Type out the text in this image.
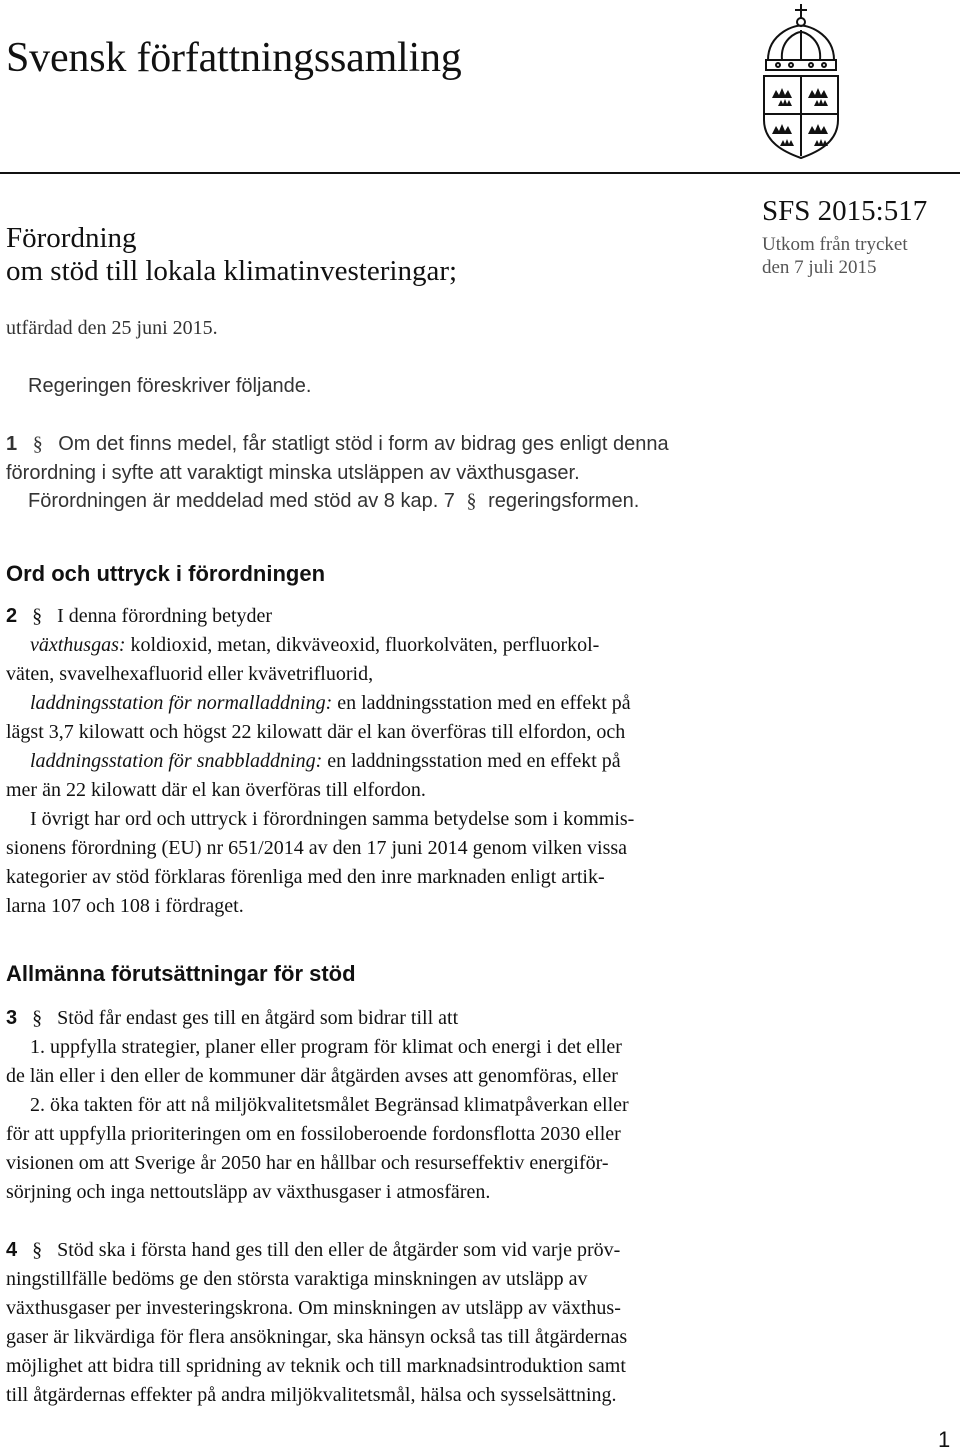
Svensk författningssamling
Förordning
om stöd till lokala klimatinvesteringar;
SFS 2015:517
Utkom från trycket
den 7 juli 2015
utfärdad den 25 juni 2015.
Regeringen föreskriver följande.
1 § Om det finns medel, får statligt stöd i form av bidrag ges enligt denna
förordning i syfte att varaktigt minska utsläppen av växthusgaser.
Förordningen är meddelad med stöd av 8 kap. 7 § regeringsformen.
Ord och uttryck i förordningen
2 § I denna förordning betyder
växthusgas: koldioxid, metan, dikväveoxid, fluorkolväten, perfluorkol-
väten, svavelhexafluorid eller kvävetrifluorid,
laddningsstation för normalladdning: en laddningsstation med en effekt på
lägst 3,7 kilowatt och högst 22 kilowatt där el kan överföras till elfordon, och
laddningsstation för snabbladdning: en laddningsstation med en effekt på
mer än 22 kilowatt där el kan överföras till elfordon.
I övrigt har ord och uttryck i förordningen samma betydelse som i kommis-
sionens förordning (EU) nr 651/2014 av den 17 juni 2014 genom vilken vissa
kategorier av stöd förklaras förenliga med den inre marknaden enligt artik-
larna 107 och 108 i fördraget.
Allmänna förutsättningar för stöd
3 § Stöd får endast ges till en åtgärd som bidrar till att
1. uppfylla strategier, planer eller program för klimat och energi i det eller
de län eller i den eller de kommuner där åtgärden avses att genomföras, eller
2. öka takten för att nå miljökvalitetsmålet Begränsad klimatpåverkan eller
för att uppfylla prioriteringen om en fossiloberoende fordonsflotta 2030 eller
visionen om att Sverige år 2050 har en hållbar och resurseffektiv energiför-
sörjning och inga nettoutsläpp av växthusgaser i atmosfären.
4 § Stöd ska i första hand ges till den eller de åtgärder som vid varje pröv-
ningstillfälle bedöms ge den största varaktiga minskningen av utsläpp av
växthusgaser per investeringskrona. Om minskningen av utsläpp av växthus-
gaser är likvärdiga för flera ansökningar, ska hänsyn också tas till åtgärdernas
möjlighet att bidra till spridning av teknik och till marknadsintroduktion samt
till åtgärdernas effekter på andra miljökvalitetsmål, hälsa och sysselsättning.
1
